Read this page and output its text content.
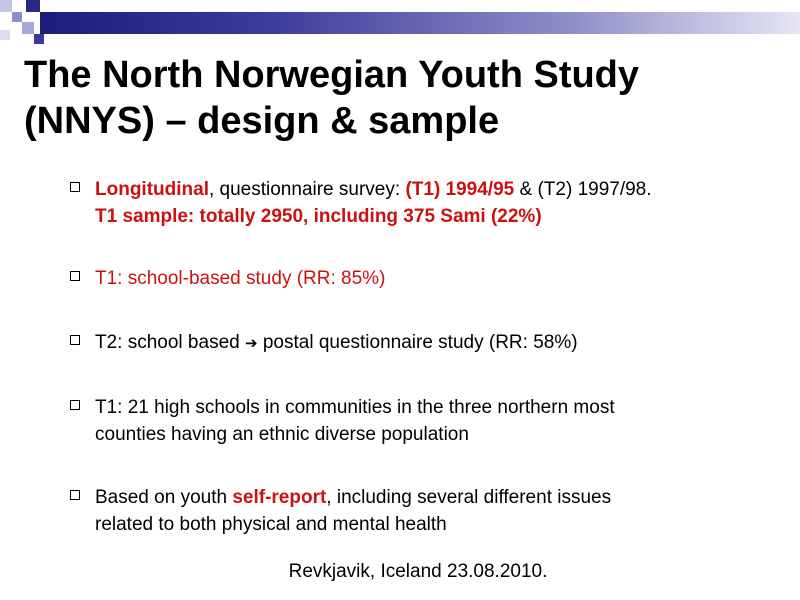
The North Norwegian Youth Study
(NNYS) – design & sample
Longitudinal, questionnaire survey: (T1) 1994/95 & (T2) 1997/98.
T1 sample: totally 2950, including 375 Sami (22%)
T1: school-based study (RR: 85%)
T2: school based ➔ postal questionnaire study (RR: 58%)
T1: 21 high schools in communities in the three northern most
counties having an ethnic diverse population
Based on youth self-report, including several different issues
related to both physical and mental health
Revkjavik, Iceland 23.08.2010.
